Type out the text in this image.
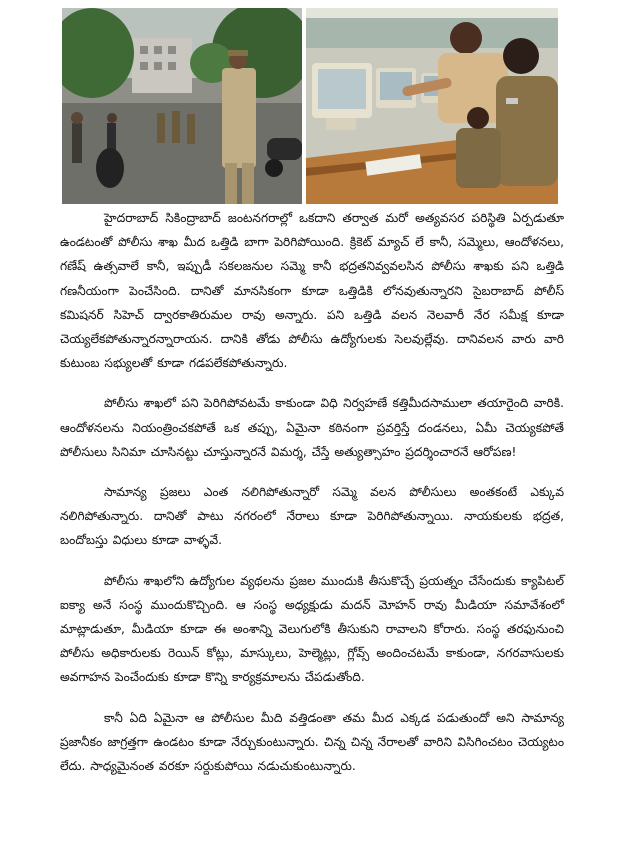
హైదరాబాద్ సికింద్రాబాద్ జంటనగరాల్లో ఒకదాని తర్వాత మరో అత్యవసర పరిస్థితి ఏర్పడుతూ ఉండటంతో పోలీసు శాఖ మీద ఒత్తిడి బాగా పెరిగిపోయింది. క్రికెట్ మ్యాచ్ లే కానీ, సమ్మెలు, ఆందోళనలు, గణేష్ ఉత్సవాలే కానీ, ఇప్పుడీ సకలజనుల సమ్మె కానీ భద్రతనివ్వవలసిన పోలీసు శాఖకు పని ఒత్తిడి గణనీయంగా పెంచేసింది. దానితో మానసికంగా కూడా ఒత్తిడికి లోనవుతున్నారని సైబరాబాద్ పోలీస్ కమిషనర్ సిహెచ్ ద్వారకాతిరుమల రావు అన్నారు. పని ఒత్తిడి వలన నెలవారీ నేర సమీక్ష కూడా చెయ్యలేకపోతున్నారన్నారాయన. దానికి తోడు పోలీసు ఉద్యోగులకు సెలవుల్లేవు. దానివలన వారు వారి కుటుంబ సభ్యులతో కూడా గడపలేకపోతున్నారు.

పోలీసు శాఖలో పని పెరిగిపోవటమే కాకుండా విధి నిర్వహణే కత్తిమీదసాములా తయారైంది వారికి. ఆందోళనలను నియంత్రించకపోతే ఒక తప్పు, ఏమైనా కఠినంగా ప్రవర్తిస్తే దండనలు, ఏమీ చెయ్యకపోతే పోలీసులు సినిమా చూసినట్టు చూస్తున్నారనే విమర్శ, చేస్తే అత్యుత్సాహం ప్రదర్శించారనే ఆరోపణ!

సామాన్య ప్రజలు ఎంత నలిగిపోతున్నారో సమ్మె వలన పోలీసులు అంతకంటే ఎక్కువ నలిగిపోతున్నారు. దానితో పాటు నగరంలో నేరాలు కూడా పెరిగిపోతున్నాయి. నాయకులకు భద్రత, బందోబస్తు విధులు కూడా వాళ్ళవే.

పోలీసు శాఖలోని ఉద్యోగుల వ్యథలను ప్రజల ముందుకి తీసుకొచ్చే ప్రయత్నం చేసేందుకు క్యాపిటల్ ఐక్యా అనే సంస్థ ముందుకొచ్చింది. ఆ సంస్థ అధ్యక్షుడు మదన్ మోహన్ రావు మీడియా సమావేశంలో మాట్లాడుతూ, మీడియా కూడా ఈ అంశాన్ని వెలుగులోకి తీసుకుని రావాలని కోరారు. సంస్థ తరఫునుంచి పోలీసు అధికారులకు రెయిన్ కోట్లు, మాస్కులు, హెల్మెట్లు, గ్లోవ్స్ అందించటమే కాకుండా, నగరవాసులకు అవగాహన పెంచేందుకు కూడా కొన్ని కార్యక్రమాలను చేపడుతోంది.

కానీ ఏది ఏమైనా ఆ పోలీసుల మీది వత్తిడంతా తమ మీద ఎక్కడ పడుతుందో అని సామాన్య ప్రజానీకం జాగ్రత్తగా ఉండటం కూడా నేర్చుకుంటున్నారు. చిన్న చిన్న నేరాలతో వారిని విసిగించటం చెయ్యటం లేదు. సాధ్యమైనంత వరకూ సర్దుకుపోయి నడుచుకుంటున్నారు.
